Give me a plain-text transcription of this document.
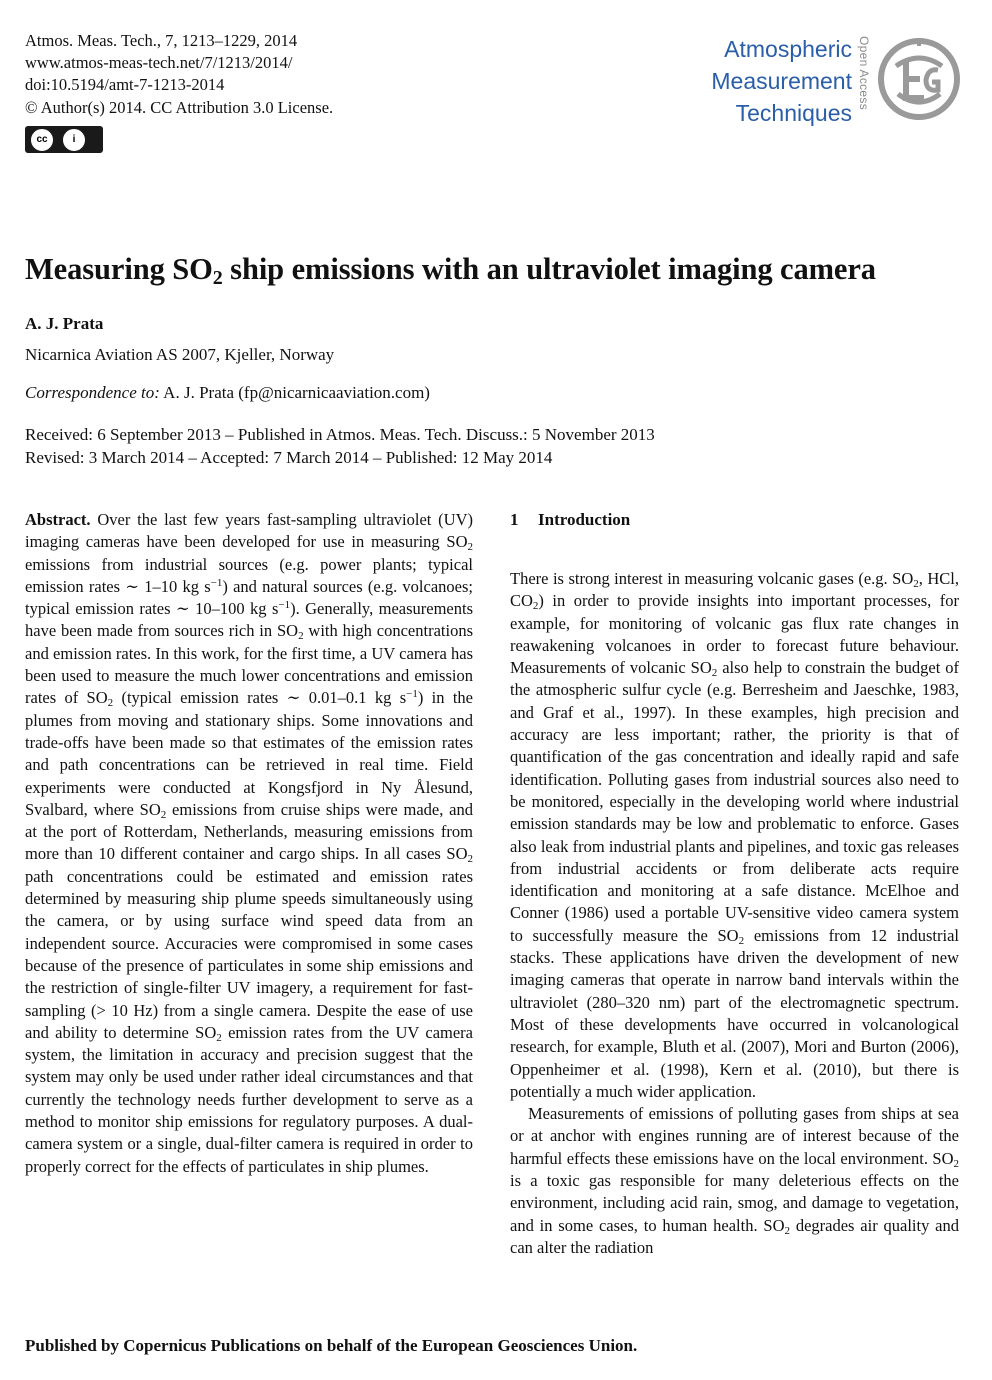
Atmos. Meas. Tech., 7, 1213–1229, 2014
www.atmos-meas-tech.net/7/1213/2014/
doi:10.5194/amt-7-1213-2014
© Author(s) 2014. CC Attribution 3.0 License.
cc	i
BY
Atmospheric
Measurement
Techniques
Open Access
Measuring $SO_2$ ship emissions with an ultraviolet imaging camera
A. J. Prata
Nicarnica Aviation AS 2007, Kjeller, Norway
Correspondence to: A. J. Prata (fp@nicarnicaaviation.com)
Received: 6 September 2013 – Published in Atmos. Meas. Tech. Discuss.: 5 November 2013
Revised: 3 March 2014 – Accepted: 7 March 2014 – Published: 12 May 2014

Abstract. Over the last few years fast-sampling ultraviolet (UV) imaging cameras have been developed for use in measuring $SO_2$ emissions from industrial sources (e.g. power plants; typical emission rates ∼ 1–10 kg $s^{-1}$) and natural sources (e.g. volcanoes; typical emission rates ∼ 10–100 kg $s^{-1}$). Generally, measurements have been made from sources rich in $SO_2$ with high concentrations and emission rates. In this work, for the first time, a UV camera has been used to measure the much lower concentrations and emission rates of $SO_2$ (typical emission rates ∼ 0.01–0.1 kg $s^{-1}$) in the plumes from moving and stationary ships. Some innovations and trade-offs have been made so that estimates of the emission rates and path concentrations can be retrieved in real time. Field experiments were conducted at Kongsfjord in Ny Ålesund, Svalbard, where $SO_2$ emissions from cruise ships were made, and at the port of Rotterdam, Netherlands, measuring emissions from more than 10 different container and cargo ships. In all cases $SO_2$ path concentrations could be estimated and emission rates determined by measuring ship plume speeds simultaneously using the camera, or by using surface wind speed data from an independent source. Accuracies were compromised in some cases because of the presence of particulates in some ship emissions and the restriction of single-filter UV imagery, a requirement for fast-sampling (> 10 Hz) from a single camera. Despite the ease of use and ability to determine $SO_2$ emission rates from the UV camera system, the limitation in accuracy and precision suggest that the system may only be used under rather ideal circumstances and that currently the technology needs further development to serve as a method to monitor ship emissions for regulatory purposes. A dual-camera system or a single, dual-filter camera is required in order to properly correct for the effects of particulates in ship plumes.

1 Introduction

There is strong interest in measuring volcanic gases (e.g. $SO_2$, HCl, $CO_2$) in order to provide insights into important processes, for example, for monitoring of volcanic gas flux rate changes in reawakening volcanoes in order to forecast future behaviour. Measurements of volcanic $SO_2$ also help to constrain the budget of the atmospheric sulfur cycle (e.g. Berresheim and Jaeschke, 1983, and Graf et al., 1997). In these examples, high precision and accuracy are less important; rather, the priority is that of quantification of the gas concentration and ideally rapid and safe identification. Polluting gases from industrial sources also need to be monitored, especially in the developing world where industrial emission standards may be low and problematic to enforce. Gases also leak from industrial plants and pipelines, and toxic gas releases from industrial accidents or from deliberate acts require identification and monitoring at a safe distance. McElhoe and Conner (1986) used a portable UV-sensitive video camera system to successfully measure the $SO_2$ emissions from 12 industrial stacks. These applications have driven the development of new imaging cameras that operate in narrow band intervals within the ultraviolet (280–320 nm) part of the electromagnetic spectrum. Most of these developments have occurred in volcanological research, for example, Bluth et al. (2007), Mori and Burton (2006), Oppenheimer et al. (1998), Kern et al. (2010), but there is potentially a much wider application.

Measurements of emissions of polluting gases from ships at sea or at anchor with engines running are of interest because of the harmful effects these emissions have on the local environment. $SO_2$ is a toxic gas responsible for many deleterious effects on the environment, including acid rain, smog, and damage to vegetation, and in some cases, to human health. $SO_2$ degrades air quality and can alter the radiation

Published by Copernicus Publications on behalf of the European Geosciences Union.
